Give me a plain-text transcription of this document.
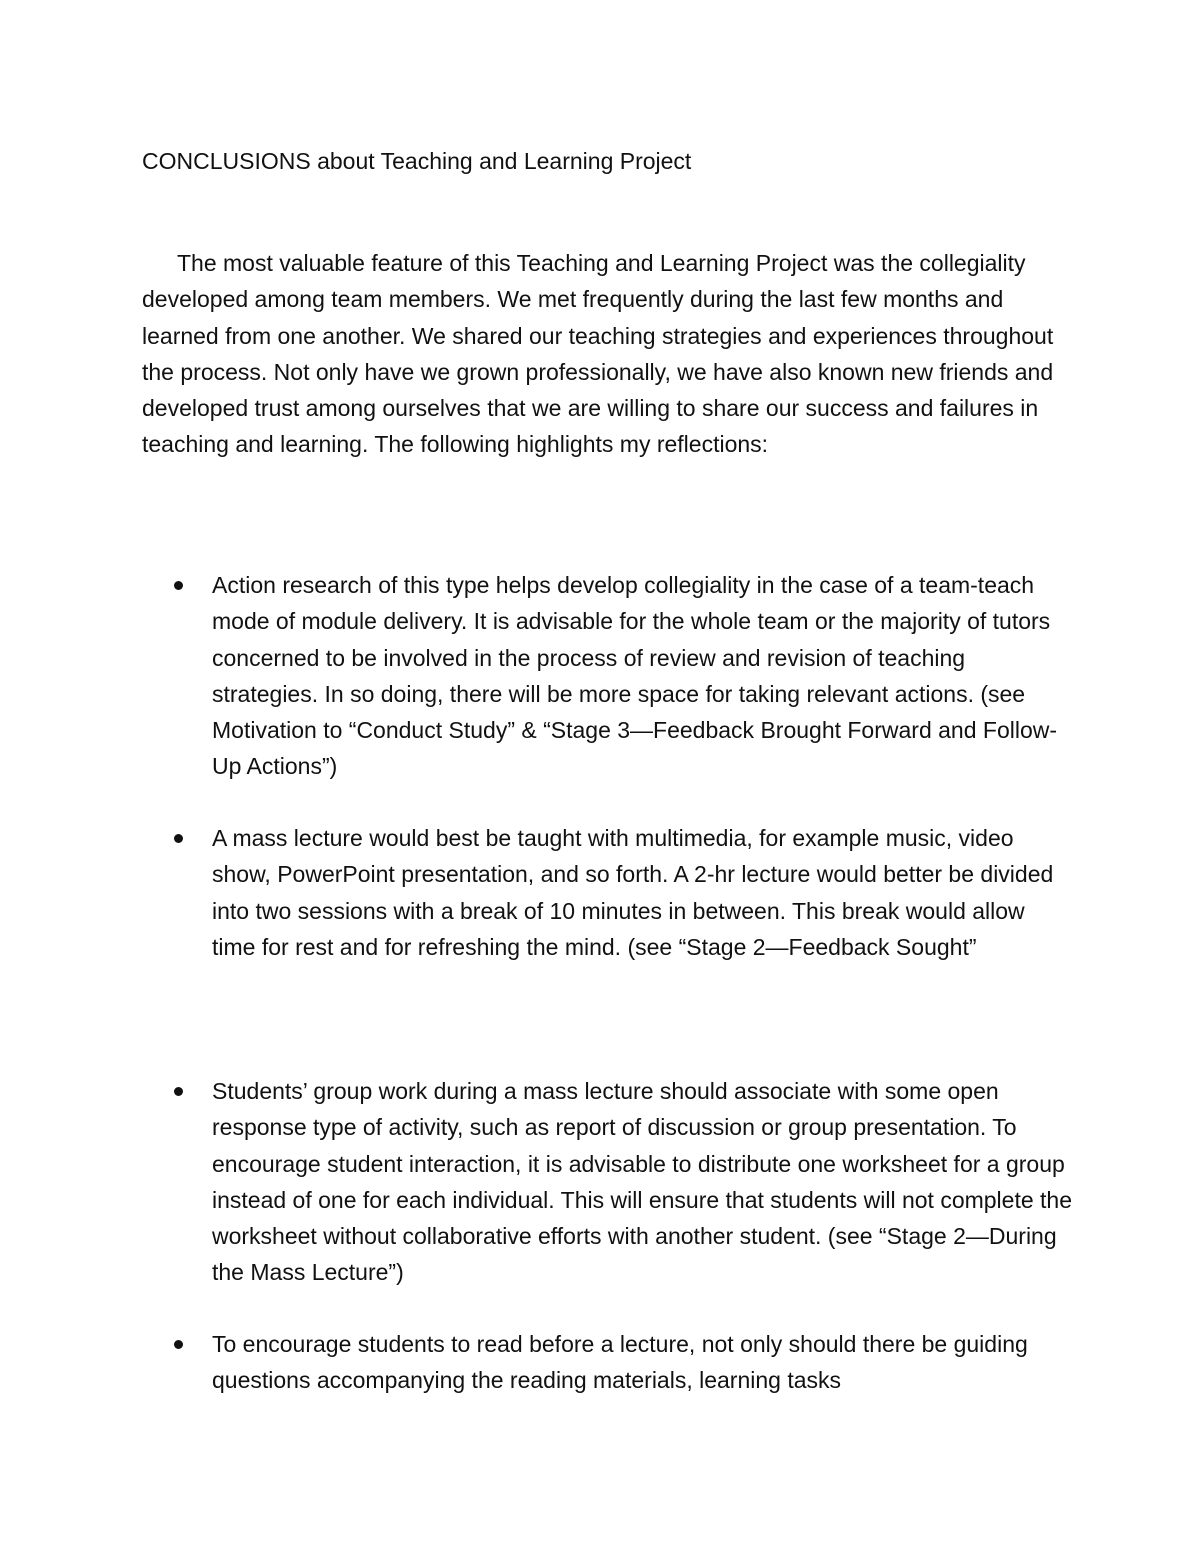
CONCLUSIONS about Teaching and Learning Project

The most valuable feature of this Teaching and Learning Project was the collegiality developed among team members. We met frequently during the last few months and learned from one another. We shared our teaching strategies and experiences throughout the process. Not only have we grown professionally, we have also known new friends and developed trust among ourselves that we are willing to share our success and failures in teaching and learning. The following highlights my reflections:

Action research of this type helps develop collegiality in the case of a team-teach mode of module delivery. It is advisable for the whole team or the majority of tutors concerned to be involved in the process of review and revision of teaching strategies. In so doing, there will be more space for taking relevant actions. (see Motivation to “Conduct Study” & “Stage 3—Feedback Brought Forward and Follow-Up Actions”)
A mass lecture would best be taught with multimedia, for example music, video show, PowerPoint presentation, and so forth. A 2-hr lecture would better be divided into two sessions with a break of 10 minutes in between. This break would allow time for rest and for refreshing the mind. (see “Stage 2—Feedback Sought”
Students’ group work during a mass lecture should associate with some open response type of activity, such as report of discussion or group presentation. To encourage student interaction, it is advisable to distribute one worksheet for a group instead of one for each individual. This will ensure that students will not complete the worksheet without collaborative efforts with another student. (see “Stage 2—During the Mass Lecture”)
To encourage students to read before a lecture, not only should there be guiding questions accompanying the reading materials, learning tasks
